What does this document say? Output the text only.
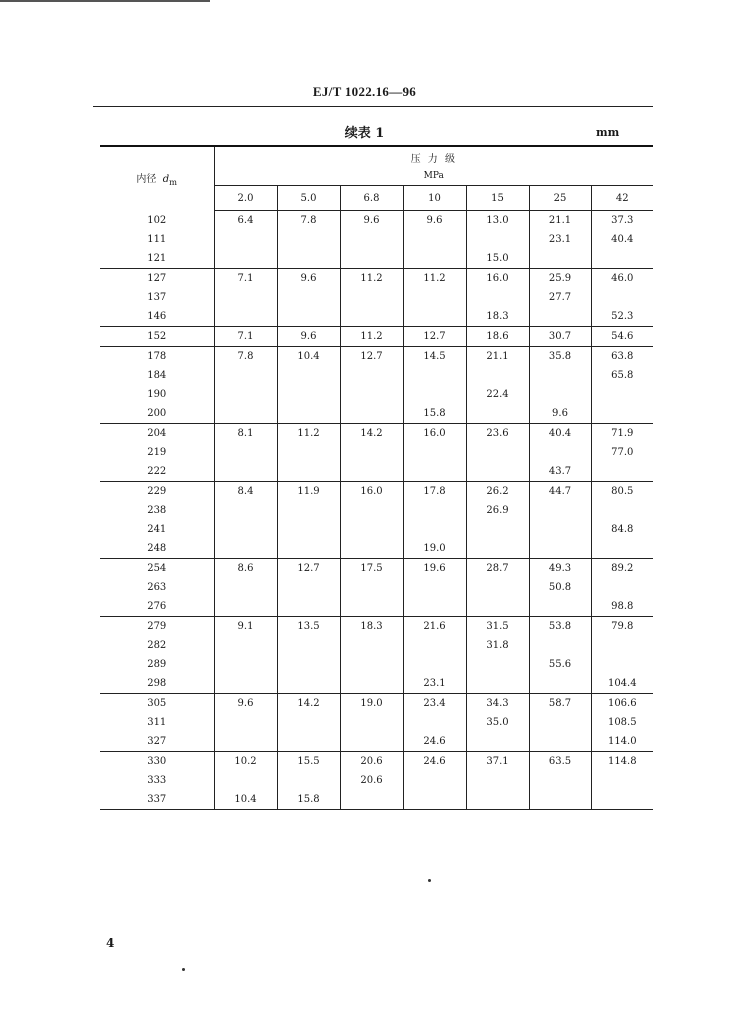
EJ/T 1022.16—96
续表 1	mm
内径 $d_m$	压 力 级						
	MPa						
	2.0	5.0	6.8	10	15	25	42
102	6.4	7.8	9.6	9.6	13.0	21.1	37.3
111						23.1	40.4
121					15.0		
127	7.1	9.6	11.2	11.2	16.0	25.9	46.0
137						27.7	
146					18.3		52.3
152	7.1	9.6	11.2	12.7	18.6	30.7	54.6
178	7.8	10.4	12.7	14.5	21.1	35.8	63.8
184							65.8
190					22.4		
200				15.8		9.6	
204	8.1	11.2	14.2	16.0	23.6	40.4	71.9
219							77.0
222						43.7	
229	8.4	11.9	16.0	17.8	26.2	44.7	80.5
238					26.9		
241							84.8
248				19.0			
254	8.6	12.7	17.5	19.6	28.7	49.3	89.2
263						50.8	
276							98.8
279	9.1	13.5	18.3	21.6	31.5	53.8	79.8
282					31.8		
289						55.6	
298				23.1			104.4
305	9.6	14.2	19.0	23.4	34.3	58.7	106.6
311					35.0		108.5
327				24.6			114.0
330	10.2	15.5	20.6	24.6	37.1	63.5	114.8
333			20.6				
337	10.4	15.8					
4
